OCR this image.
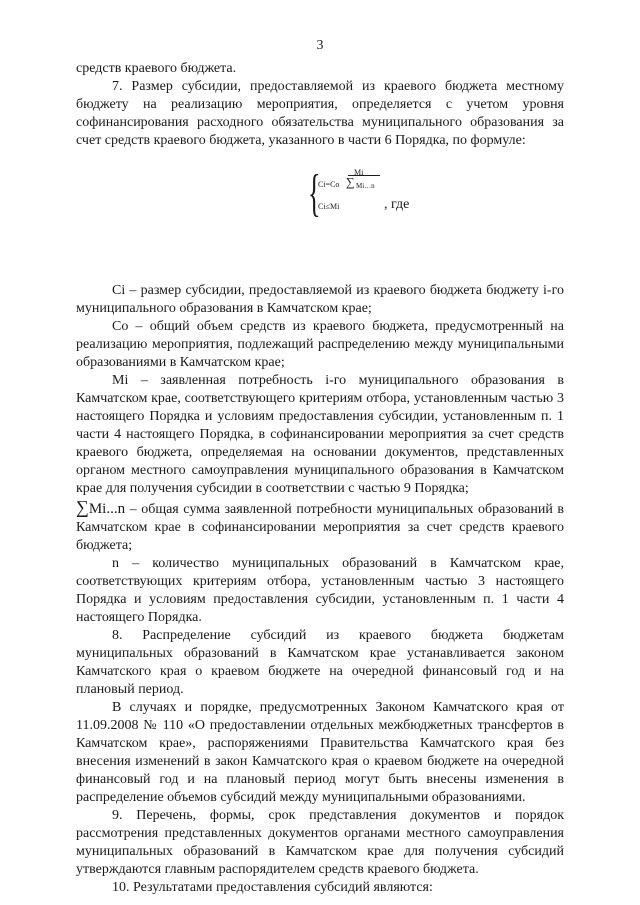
3

средств краевого бюджета.

7. Размер субсидии, предоставляемой из краевого бюджета местному бюджету на реализацию мероприятия, определяется с учетом уровня софинансирования расходного обязательства муниципального образования за счет средств краевого бюджета, указанного в части 6 Порядка, по формуле:

{
Ci=Co
Mi
∑ Mi…n
Ci≤Mi	, где

Ci – размер субсидии, предоставляемой из краевого бюджета бюджету i-го муниципального образования в Камчатском крае;

Co – общий объем средств из краевого бюджета, предусмотренный на реализацию мероприятия, подлежащий распределению между муниципальными образованиями в Камчатском крае;

Mi – заявленная потребность i-го муниципального образования в Камчатском крае, соответствующего критериям отбора, установленным частью 3 настоящего Порядка и условиям предоставления субсидии, установленным п. 1 части 4 настоящего Порядка, в софинансировании мероприятия за счет средств краевого бюджета, определяемая на основании документов, представленных органом местного самоуправления муниципального образования в Камчатском крае для получения субсидии в соответствии с частью 9 Порядка;

∑Mi...n – общая сумма заявленной потребности муниципальных образований в Камчатском крае в софинансировании мероприятия за счет средств краевого бюджета;

n – количество муниципальных образований в Камчатском крае, соответствующих критериям отбора, установленным частью 3 настоящего Порядка и условиям предоставления субсидии, установленным п. 1 части 4 настоящего Порядка.

8. Распределение субсидий из краевого бюджета бюджетам муниципальных образований в Камчатском крае устанавливается законом Камчатского края о краевом бюджете на очередной финансовый год и на плановый период.

В случаях и порядке, предусмотренных Законом Камчатского края от 11.09.2008 № 110 «О предоставлении отдельных межбюджетных трансфертов в Камчатском крае», распоряжениями Правительства Камчатского края без внесения изменений в закон Камчатского края о краевом бюджете на очередной финансовый год и на плановый период могут быть внесены изменения в распределение объемов субсидий между муниципальными образованиями.

9. Перечень, формы, срок представления документов и порядок рассмотрения представленных документов органами местного самоуправления муниципальных образований в Камчатском крае для получения субсидий утверждаются главным распорядителем средств краевого бюджета.

10. Результатами предоставления субсидий являются:
